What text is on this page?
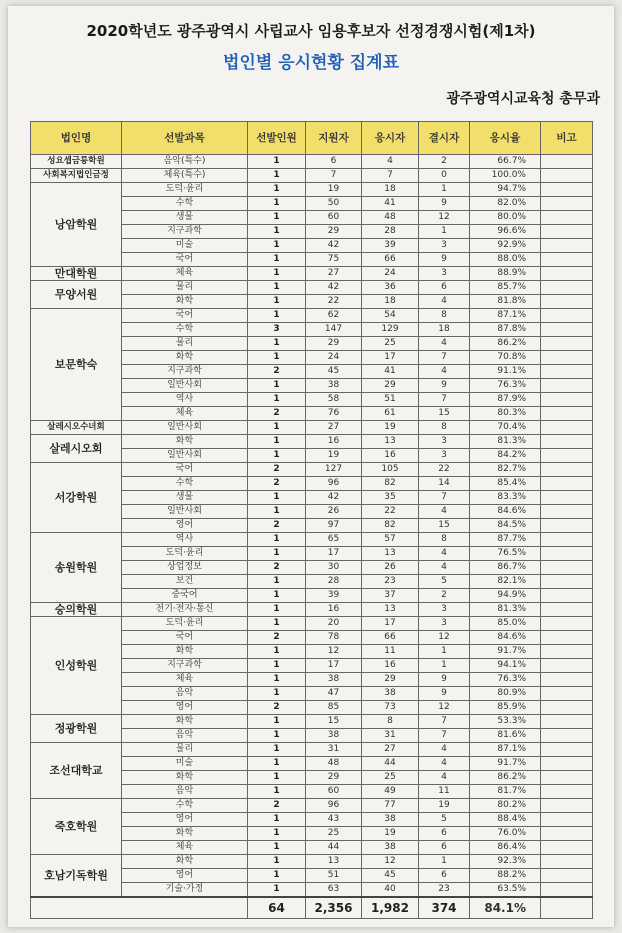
2020학년도 광주광역시 사립교사 임용후보자 선정경쟁시험(제1차)
법인별 응시현황 집계표
광주광역시교육청 총무과
법인명	선발과목	선발인원	지원자	응시자	결시자	응시율	비고
성요셉금릉학원	음악(특수)	1	6	4	2	66.7%	
사회복지법인금정	체육(특수)	1	7	7	0	100.0%	
낭암학원	도덕·윤리	1	19	18	1	94.7%	
	수학	1	50	41	9	82.0%	
	생물	1	60	48	12	80.0%	
	지구과학	1	29	28	1	96.6%	
	미술	1	42	39	3	92.9%	
	국어	1	75	66	9	88.0%	
만대학원	체육	1	27	24	3	88.9%	
무양서원	물리	1	42	36	6	85.7%	
	화학	1	22	18	4	81.8%	
보문학숙	국어	1	62	54	8	87.1%	
	수학	3	147	129	18	87.8%	
	물리	1	29	25	4	86.2%	
	화학	1	24	17	7	70.8%	
	지구과학	2	45	41	4	91.1%	
	일반사회	1	38	29	9	76.3%	
	역사	1	58	51	7	87.9%	
	체육	2	76	61	15	80.3%	
살레시오수녀회	일반사회	1	27	19	8	70.4%	
살레시오회	화학	1	16	13	3	81.3%	
	일반사회	1	19	16	3	84.2%	
서강학원	국어	2	127	105	22	82.7%	
	수학	2	96	82	14	85.4%	
	생물	1	42	35	7	83.3%	
	일반사회	1	26	22	4	84.6%	
	영어	2	97	82	15	84.5%	
송원학원	역사	1	65	57	8	87.7%	
	도덕·윤리	1	17	13	4	76.5%	
	상업정보	2	30	26	4	86.7%	
	보건	1	28	23	5	82.1%	
	중국어	1	39	37	2	94.9%	
숭의학원	전기·전자·통신	1	16	13	3	81.3%	
인성학원	도덕·윤리	1	20	17	3	85.0%	
	국어	2	78	66	12	84.6%	
	화학	1	12	11	1	91.7%	
	지구과학	1	17	16	1	94.1%	
	체육	1	38	29	9	76.3%	
	음악	1	47	38	9	80.9%	
	영어	2	85	73	12	85.9%	
정광학원	화학	1	15	8	7	53.3%	
	음악	1	38	31	7	81.6%	
조선대학교	물리	1	31	27	4	87.1%	
	미술	1	48	44	4	91.7%	
	화학	1	29	25	4	86.2%	
	음악	1	60	49	11	81.7%	
죽호학원	수학	2	96	77	19	80.2%	
	영어	1	43	38	5	88.4%	
	화학	1	25	19	6	76.0%	
	체육	1	44	38	6	86.4%	
호남기독학원	화학	1	13	12	1	92.3%	
	영어	1	51	45	6	88.2%	
	기술·가정	1	63	40	23	63.5%	
		64	2,356	1,982	374	84.1%	
